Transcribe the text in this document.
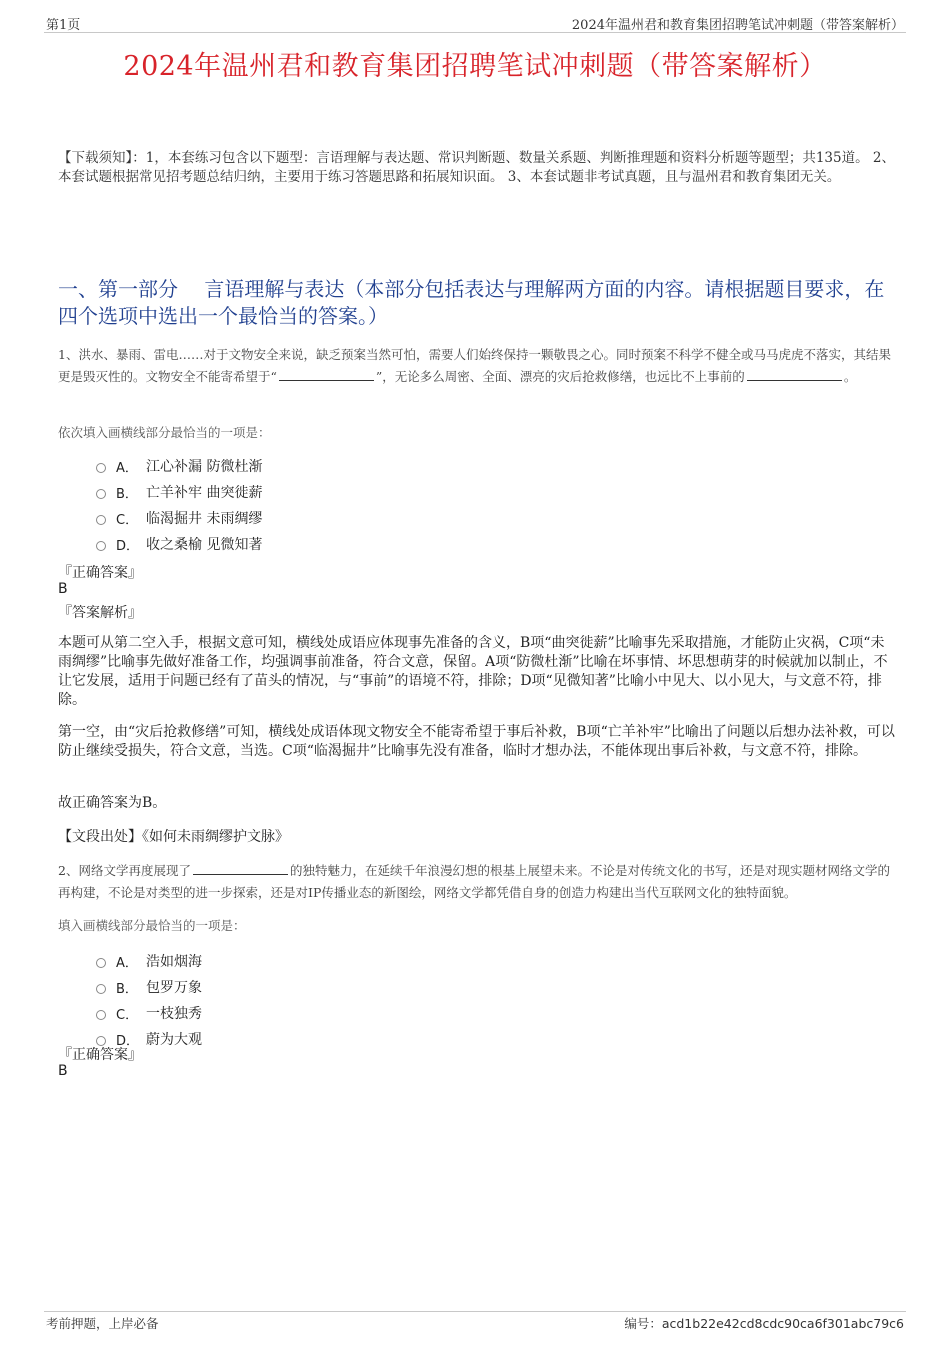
第1页	2024年温州君和教育集团招聘笔试冲刺题（带答案解析）
2024年温州君和教育集团招聘笔试冲刺题（带答案解析）
【下载须知】：1，本套练习包含以下题型：言语理解与表达题、常识判断题、数量关系题、判断推理题和资料分析题等题型；共135道。 2、本套试题根据常见招考题总结归纳，主要用于练习答题思路和拓展知识面。 3、本套试题非考试真题，且与温州君和教育集团无关。
一、第一部分　 言语理解与表达（本部分包括表达与理解两方面的内容。请根据题目要求，在四个选项中选出一个最恰当的答案。）
1、洪水、暴雨、雷电……对于文物安全来说，缺乏预案当然可怕，需要人们始终保持一颗敬畏之心。同时预案不科学不健全或马马虎虎不落实，其结果更是毁灭性的。文物安全不能寄希望于“	”，无论多么周密、全面、漂亮的灾后抢救修缮，也远比不上事前的	。
依次填入画横线部分最恰当的一项是：
A． 江心补漏 防微杜渐
B． 亡羊补牢 曲突徙薪
C． 临渴掘井 未雨绸缪
D． 收之桑榆 见微知著
『正确答案』
B
『答案解析』
本题可从第二空入手，根据文意可知，横线处成语应体现事先准备的含义，B项“曲突徙薪”比喻事先采取措施，才能防止灾祸，C项“未雨绸缪”比喻事先做好准备工作，均强调事前准备，符合文意，保留。A项“防微杜渐”比喻在坏事情、坏思想萌芽的时候就加以制止，不让它发展，适用于问题已经有了苗头的情况，与“事前”的语境不符，排除；D项“见微知著”比喻小中见大、以小见大，与文意不符，排除。
第一空，由“灾后抢救修缮”可知，横线处成语体现文物安全不能寄希望于事后补救，B项“亡羊补牢”比喻出了问题以后想办法补救，可以防止继续受损失，符合文意，当选。C项“临渴掘井”比喻事先没有准备，临时才想办法，不能体现出事后补救，与文意不符，排除。
故正确答案为B。
【文段出处】《如何未雨绸缪护文脉》
2、网络文学再度展现了	的独特魅力，在延续千年浪漫幻想的根基上展望未来。不论是对传统文化的书写，还是对现实题材网络文学的再构建，不论是对类型的进一步探索，还是对IP传播业态的新图绘，网络文学都凭借自身的创造力构建出当代互联网文化的独特面貌。
填入画横线部分最恰当的一项是：
A． 浩如烟海
B． 包罗万象
C． 一枝独秀
D． 蔚为大观
『正确答案』
B
考前押题，上岸必备	编号：acd1b22e42cd8cdc90ca6f301abc79c6
